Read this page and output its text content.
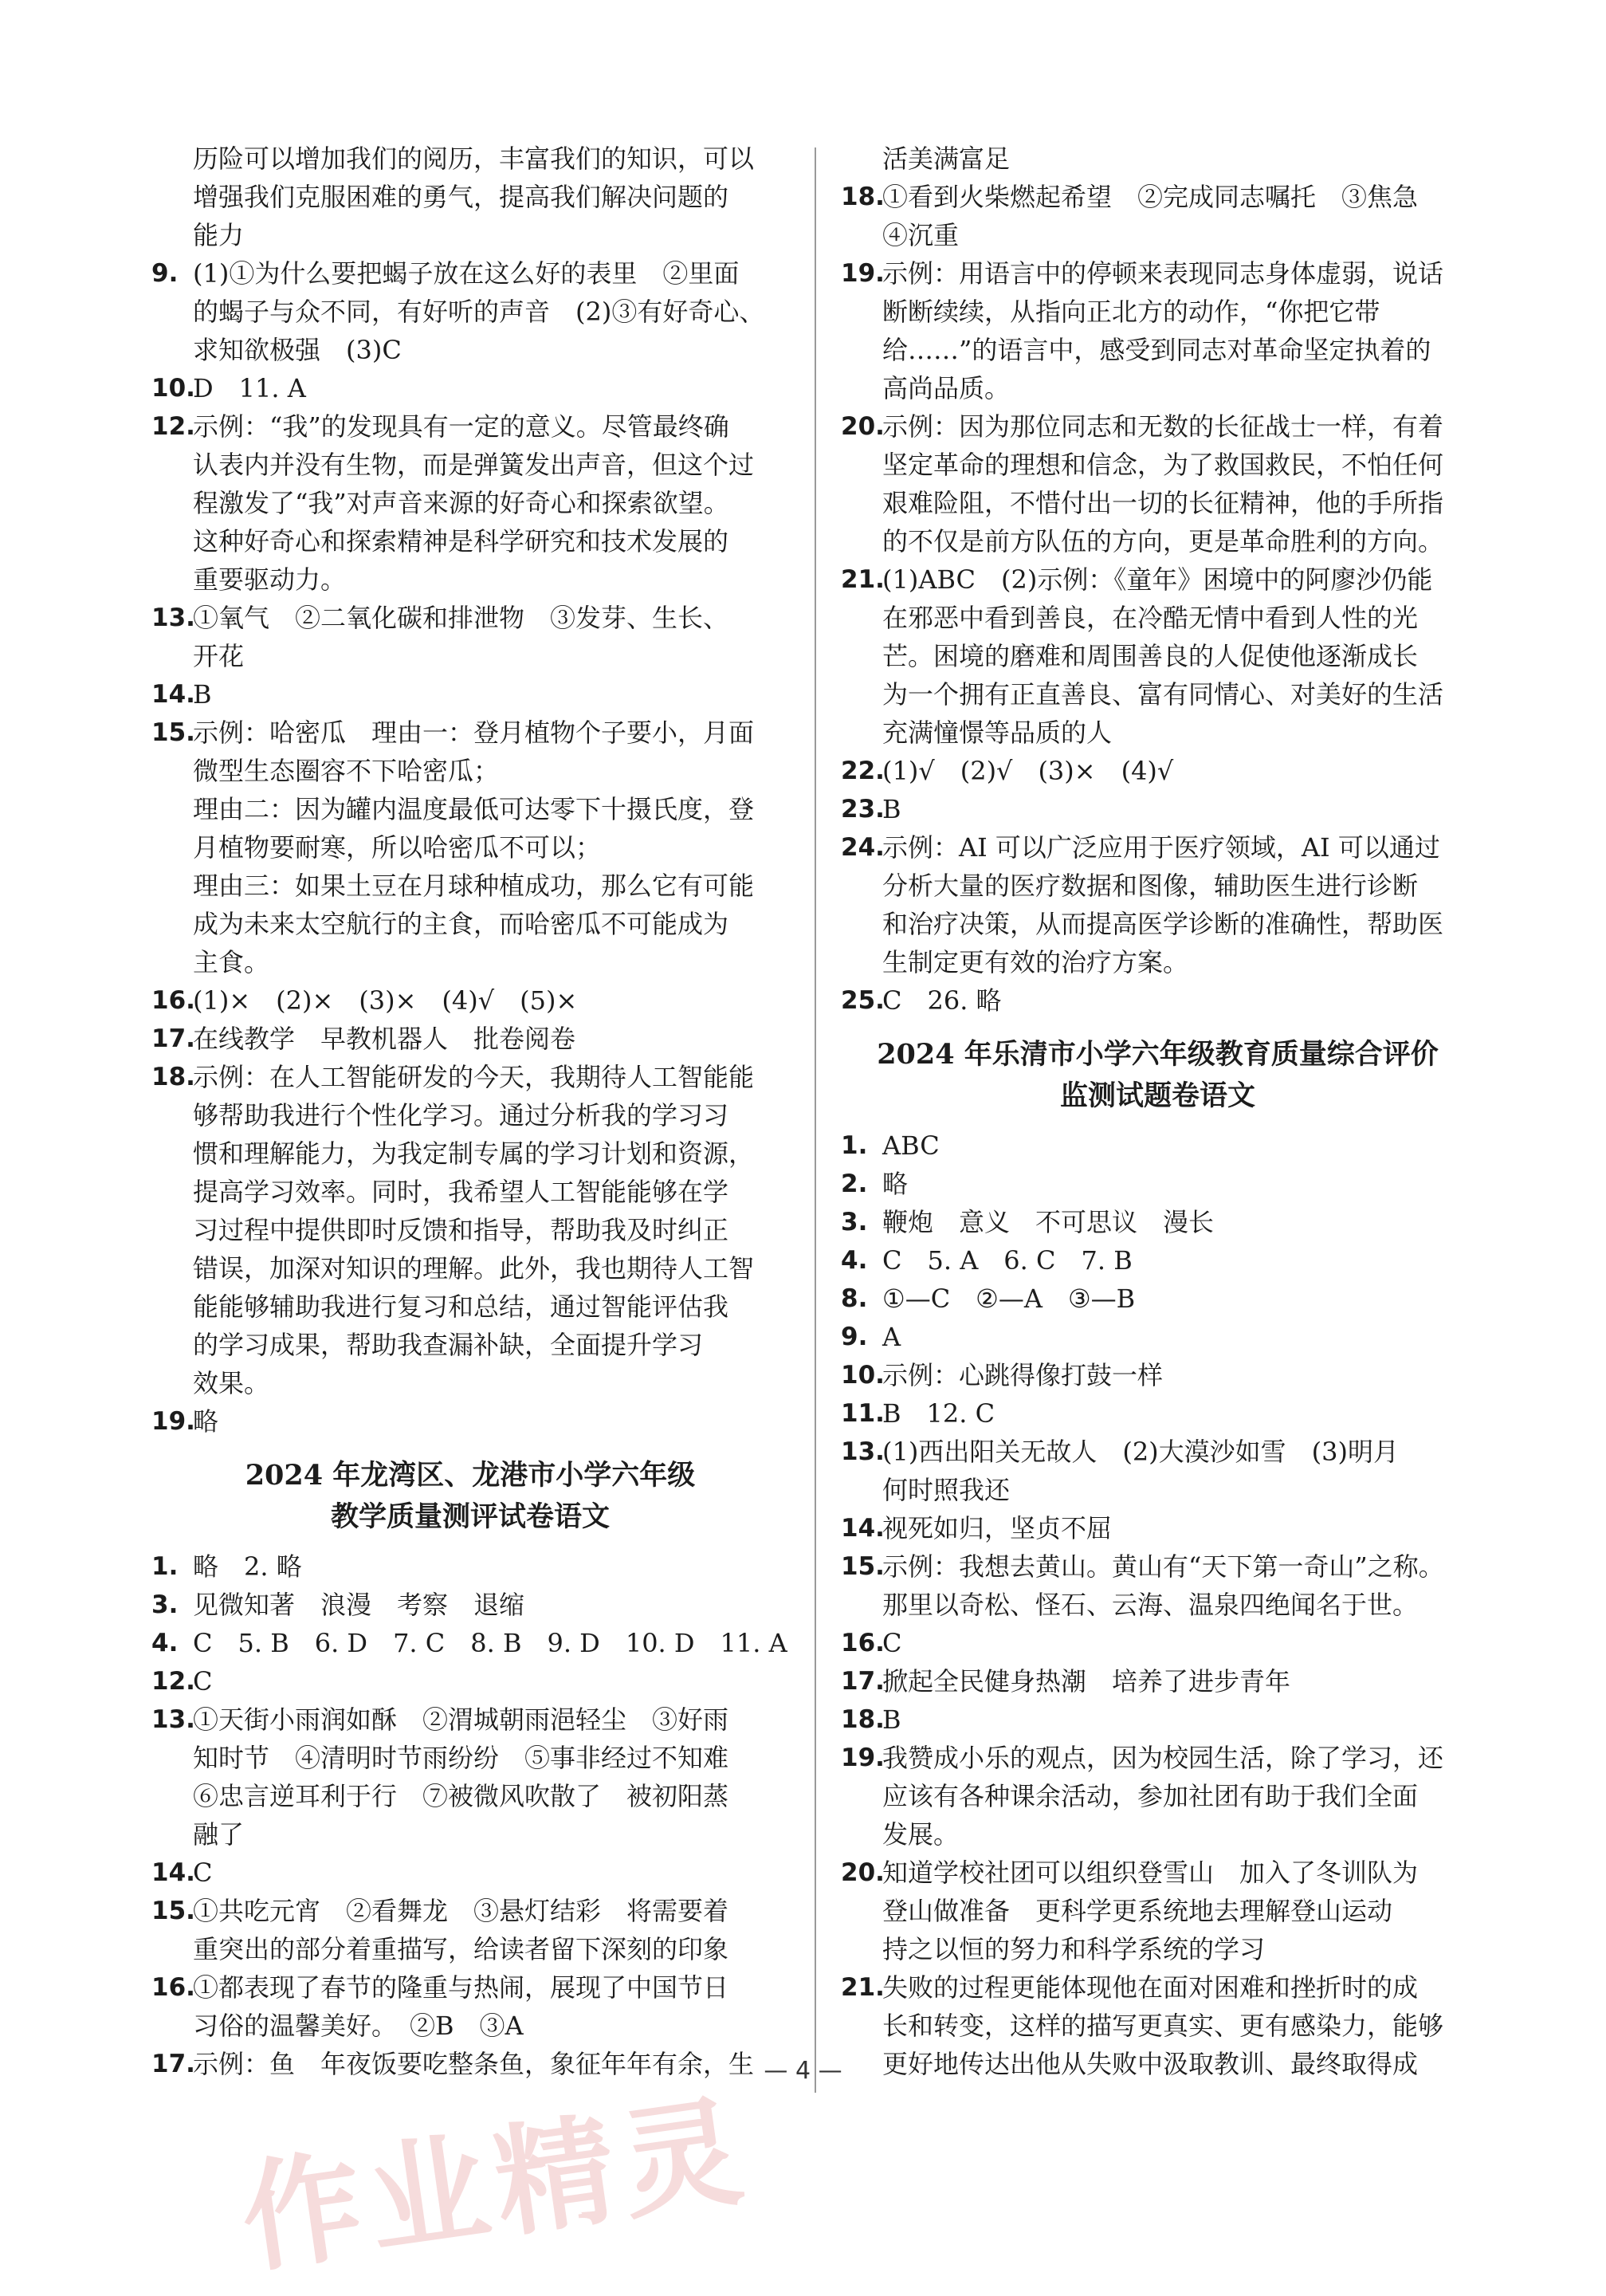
历险可以增加我们的阅历，丰富我们的知识，可以
增强我们克服困难的勇气，提高我们解决问题的
能力
9. (1)①为什么要把蝎子放在这么好的表里　②里面
的蝎子与众不同，有好听的声音　(2)③有好奇心、
求知欲极强　(3)C
10.
D　11. A
12.
示例：“我”的发现具有一定的意义。尽管最终确
认表内并没有生物，而是弹簧发出声音，但这个过
程激发了“我”对声音来源的好奇心和探索欲望。
这种好奇心和探索精神是科学研究和技术发展的
重要驱动力。
13.
①氧气　②二氧化碳和排泄物　③发芽、生长、
开花
14.
B
15.
示例：哈密瓜　理由一：登月植物个子要小，月面
微型生态圈容不下哈密瓜；
理由二：因为罐内温度最低可达零下十摄氏度，登
月植物要耐寒，所以哈密瓜不可以；
理由三：如果土豆在月球种植成功，那么它有可能
成为未来太空航行的主食，而哈密瓜不可能成为
主食。
16.
(1)×　(2)×　(3)×　(4)√　(5)×
17.
在线教学　早教机器人　批卷阅卷
18.
示例：在人工智能研发的今天，我期待人工智能能
够帮助我进行个性化学习。通过分析我的学习习
惯和理解能力，为我定制专属的学习计划和资源，
提高学习效率。同时，我希望人工智能能够在学
习过程中提供即时反馈和指导，帮助我及时纠正
错误，加深对知识的理解。此外，我也期待人工智
能能够辅助我进行复习和总结，通过智能评估我
的学习成果，帮助我查漏补缺，全面提升学习
效果。
19.
略
2024 年龙湾区、龙港市小学六年级
教学质量测评试卷语文
1. 略　2. 略
3. 见微知著　浪漫　考察　退缩
4. C　5. B　6. D　7. C　8. B　9. D　10. D　11. A
12.
C
13.
①天街小雨润如酥　②渭城朝雨浥轻尘　③好雨
知时节　④清明时节雨纷纷　⑤事非经过不知难
⑥忠言逆耳利于行　⑦被微风吹散了　被初阳蒸
融了
14.
C
15.
①共吃元宵　②看舞龙　③悬灯结彩　将需要着
重突出的部分着重描写，给读者留下深刻的印象
16.
①都表现了春节的隆重与热闹，展现了中国节日
习俗的温馨美好。　②B　③A
17.
示例：鱼　年夜饭要吃整条鱼，象征年年有余，生
活美满富足
18.
①看到火柴燃起希望　②完成同志嘱托　③焦急
④沉重
19.
示例：用语言中的停顿来表现同志身体虚弱，说话
断断续续，从指向正北方的动作，“你把它带
给……”的语言中，感受到同志对革命坚定执着的
高尚品质。
20.
示例：因为那位同志和无数的长征战士一样，有着
坚定革命的理想和信念，为了救国救民，不怕任何
艰难险阻，不惜付出一切的长征精神，他的手所指
的不仅是前方队伍的方向，更是革命胜利的方向。
21.
(1)ABC　(2)示例：《童年》困境中的阿廖沙仍能
在邪恶中看到善良，在冷酷无情中看到人性的光
芒。困境的磨难和周围善良的人促使他逐渐成长
为一个拥有正直善良、富有同情心、对美好的生活
充满憧憬等品质的人
22.
(1)√　(2)√　(3)×　(4)√
23.
B
24.
示例：AI 可以广泛应用于医疗领域，AI 可以通过
分析大量的医疗数据和图像，辅助医生进行诊断
和治疗决策，从而提高医学诊断的准确性，帮助医
生制定更有效的治疗方案。
25.
C　26. 略
2024 年乐清市小学六年级教育质量综合评价
监测试题卷语文
1. ABC
2. 略
3. 鞭炮　意义　不可思议　漫长
4. C　5. A　6. C　7. B
8. ①—C　②—A　③—B
9. A
10.
示例：心跳得像打鼓一样
11.
B　12. C
13.
(1)西出阳关无故人　(2)大漠沙如雪　(3)明月
何时照我还
14.
视死如归，坚贞不屈
15.
示例：我想去黄山。黄山有“天下第一奇山”之称。
那里以奇松、怪石、云海、温泉四绝闻名于世。
16.
C
17.
掀起全民健身热潮　培养了进步青年
18.
B
19.
我赞成小乐的观点，因为校园生活，除了学习，还
应该有各种课余活动，参加社团有助于我们全面
发展。
20.
知道学校社团可以组织登雪山　加入了冬训队为
登山做准备　更科学更系统地去理解登山运动
持之以恒的努力和科学系统的学习
21.
失败的过程更能体现他在面对困难和挫折时的成
长和转变，这样的描写更真实、更有感染力，能够
更好地传达出他从失败中汲取教训、最终取得成
— 4 —
作业精灵
